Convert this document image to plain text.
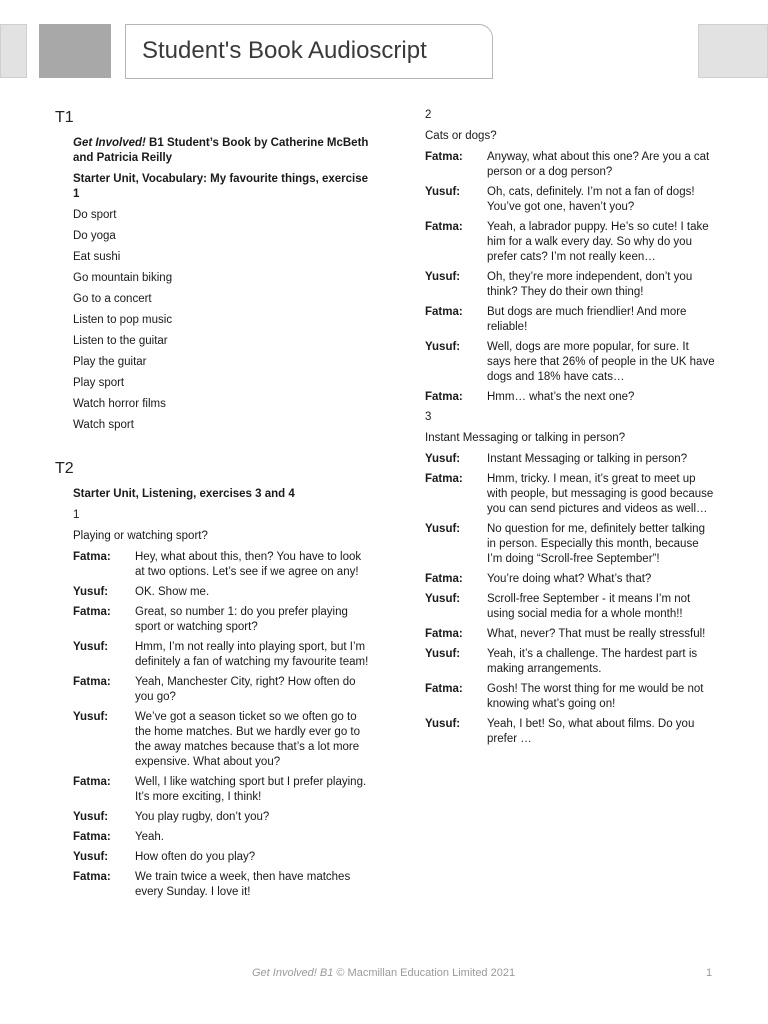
Student's Book Audioscript
T1
Get Involved! B1 Student’s Book by Catherine McBeth and Patricia Reilly
Starter Unit, Vocabulary: My favourite things, exercise 1
Do sport
Do yoga
Eat sushi
Go mountain biking
Go to a concert
Listen to pop music
Listen to the guitar
Play the guitar
Play sport
Watch horror films
Watch sport
T2
Starter Unit, Listening, exercises 3 and 4
1
Playing or watching sport?
Fatma:	Hey, what about this, then? You have to look at two options. Let’s see if we agree on any!
Yusuf:	OK. Show me.
Fatma:	Great, so number 1: do you prefer playing sport or watching sport?
Yusuf:	Hmm, I’m not really into playing sport, but I’m definitely a fan of watching my favourite team!
Fatma:	Yeah, Manchester City, right? How often do you go?
Yusuf:	We’ve got a season ticket so we often go to the home matches. But we hardly ever go to the away matches because that’s a lot more expensive. What about you?
Fatma:	Well, I like watching sport but I prefer playing. It’s more exciting, I think!
Yusuf:	You play rugby, don’t you?
Fatma:	Yeah.
Yusuf:	How often do you play?
Fatma:	We train twice a week, then have matches every Sunday. I love it!
2
Cats or dogs?
Fatma:	Anyway, what about this one? Are you a cat person or a dog person?
Yusuf:	Oh, cats, definitely. I’m not a fan of dogs! You’ve got one, haven’t you?
Fatma:	Yeah, a labrador puppy. He’s so cute! I take him for a walk every day. So why do you prefer cats? I’m not really keen…
Yusuf:	Oh, they’re more independent, don’t you think? They do their own thing!
Fatma:	But dogs are much friendlier! And more reliable!
Yusuf:	Well, dogs are more popular, for sure. It says here that 26% of people in the UK have dogs and 18% have cats…
Fatma:	Hmm… what’s the next one?
3
Instant Messaging or talking in person?
Yusuf:	Instant Messaging or talking in person?
Fatma:	Hmm, tricky. I mean, it’s great to meet up with people, but messaging is good because you can send pictures and videos as well…
Yusuf:	No question for me, definitely better talking in person. Especially this month, because I’m doing “Scroll-free September”!
Fatma:	You’re doing what? What’s that?
Yusuf:	Scroll-free September - it means I’m not using social media for a whole month!!
Fatma:	What, never? That must be really stressful!
Yusuf:	Yeah, it’s a challenge. The hardest part is making arrangements.
Fatma:	Gosh! The worst thing for me would be not knowing what’s going on!
Yusuf:	Yeah, I bet! So, what about films. Do you prefer …
Get Involved! B1 © Macmillan Education Limited 2021	1
